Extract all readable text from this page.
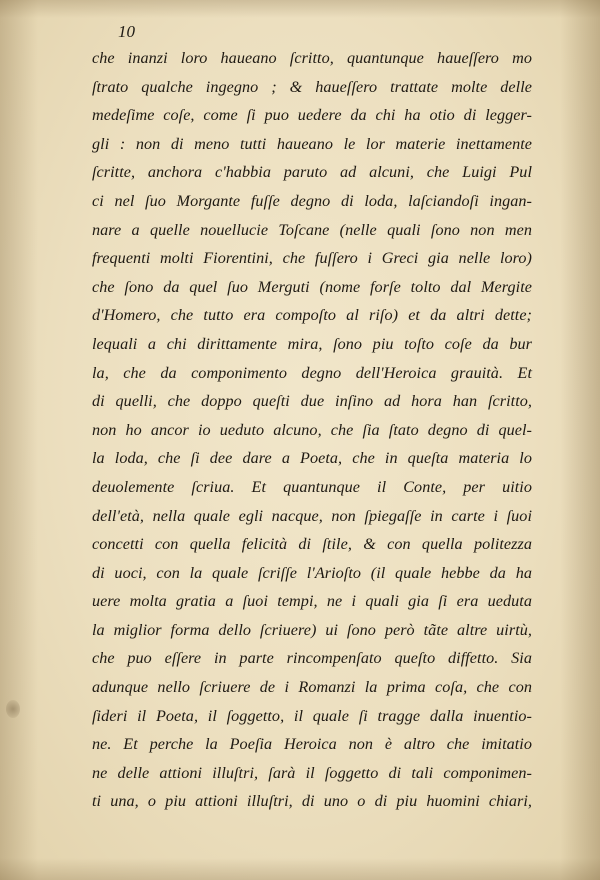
10

che inanzi loro haueano ſcritto, quantunque haueſſero mo
ſtrato qualche ingegno ; & haueſſero trattate molte delle
medeſime coſe, come ſi puo uedere da chi ha otio di legger-
gli : non di meno tutti haueano le lor materie inettamente
ſcritte, anchora c'habbia paruto ad alcuni, che Luigi Pul
ci nel ſuo Morgante fuſſe degno di loda, laſciandoſi ingan-
nare a quelle nouellucie Toſcane (nelle quali ſono non men
frequenti molti Fiorentini, che fuſſero i Greci gia nelle loro)
che ſono da quel ſuo Merguti (nome forſe tolto dal Mergite
d'Homero, che tutto era compoſto al riſo) et da altri dette;
lequali a chi dirittamente mira, ſono piu toſto coſe da bur
la, che da componimento degno dell'Heroica grauità. Et
di quelli, che doppo queſti due inſino ad hora han ſcritto,
non ho ancor io ueduto alcuno, che ſia ſtato degno di quel-
la loda, che ſi dee dare a Poeta, che in queſta materia lo
deuolemente ſcriua. Et quantunque il Conte, per uitio
dell'età, nella quale egli nacque, non ſpiegaſſe in carte i ſuoi
concetti con quella felicità di ſtile, & con quella politezza
di uoci, con la quale ſcriſſe l'Arioſto (il quale hebbe da ha
uere molta gratia a ſuoi tempi, ne i quali gia ſi era ueduta
la miglior forma dello ſcriuere) ui ſono però tãte altre uirtù,
che puo eſſere in parte rincompenſato queſto diffetto. Sia
adunque nello ſcriuere de i Romanzi la prima coſa, che con
ſideri il Poeta, il ſoggetto, il quale ſi tragge dalla inuentio-
ne. Et perche la Poeſia Heroica non è altro che imitatio
ne delle attioni illuſtri, ſarà il ſoggetto di tali componimen-
ti una, o piu attioni illuſtri, di uno o di piu huomini chiari,
